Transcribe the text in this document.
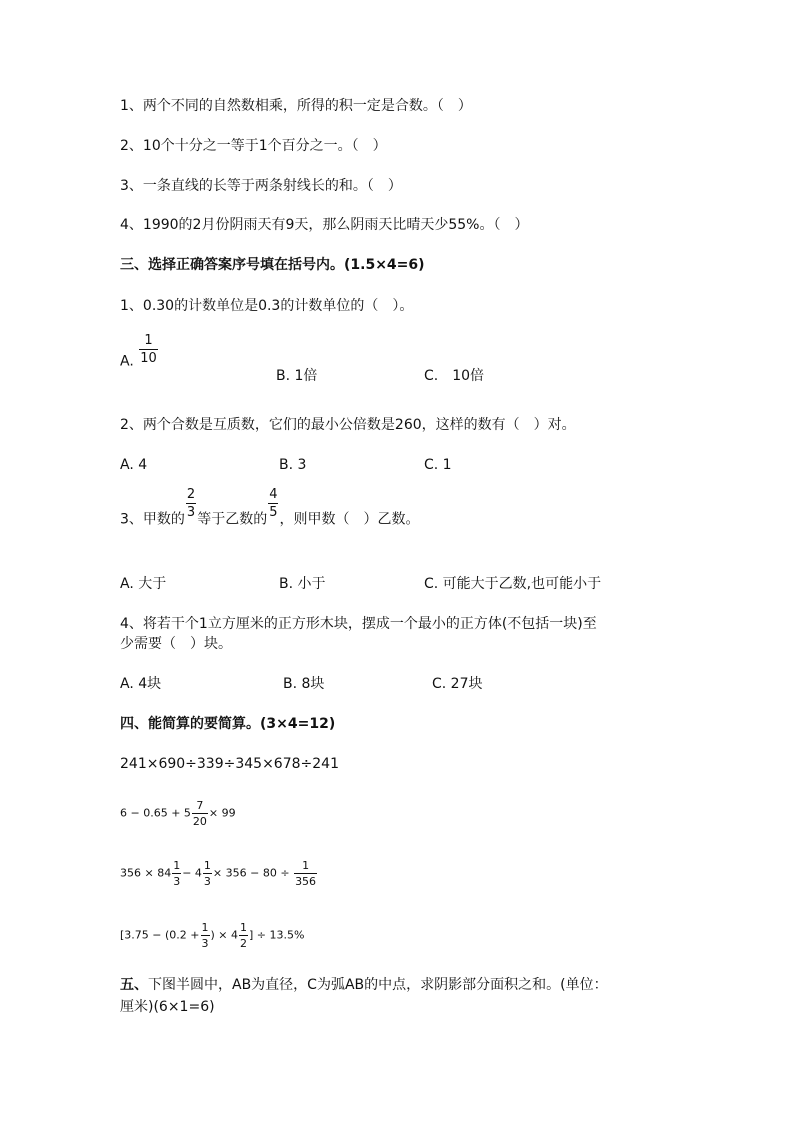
1、两个不同的自然数相乘，所得的积一定是合数。（　）
2、10个十分之一等于1个百分之一。（　）
3、一条直线的长等于两条射线长的和。（　）
4、1990的2月份阴雨天有9天，那么阴雨天比晴天少55%。（　）
三、选择正确答案序号填在括号内。(1.5×4=6)
1、0.30的计数单位是0.3的计数单位的（　）。
A. $\frac{1}{10}$
B. 1倍	C.　10倍
2、两个合数是互质数，它们的最小公倍数是260，这样的数有（　）对。
A. 4	B. 3	C. 1
3、甲数的
$\frac{2}{3}$
等于乙数的
$\frac{4}{5}$
，则甲数（　）乙数。
A. 大于	B. 小于	C. 可能大于乙数,也可能小于
4、将若干个1立方厘米的正方形木块，摆成一个最小的正方体(不包括一块)至
少需要（　）块。
A. 4块	B. 8块	C. 27块
四、能简算的要简算。(3×4=12)
241×690÷339÷345×678÷241
$6 - 0.65 + 5 \frac{7}{20} \times 99$
$356 \times 84 \frac{1}{3} - 4 \frac{1}{3} \times 356 - 80 \div \frac{1}{356}$
[$3.75 - (0.2 + \frac{1}{3}$ ) × $4 \frac{1}{2}$ ] ÷ 13.5%
五、下图半圆中，AB为直径，C为弧AB的中点，求阴影部分面积之和。(单位：
厘米)(6×1=6)
